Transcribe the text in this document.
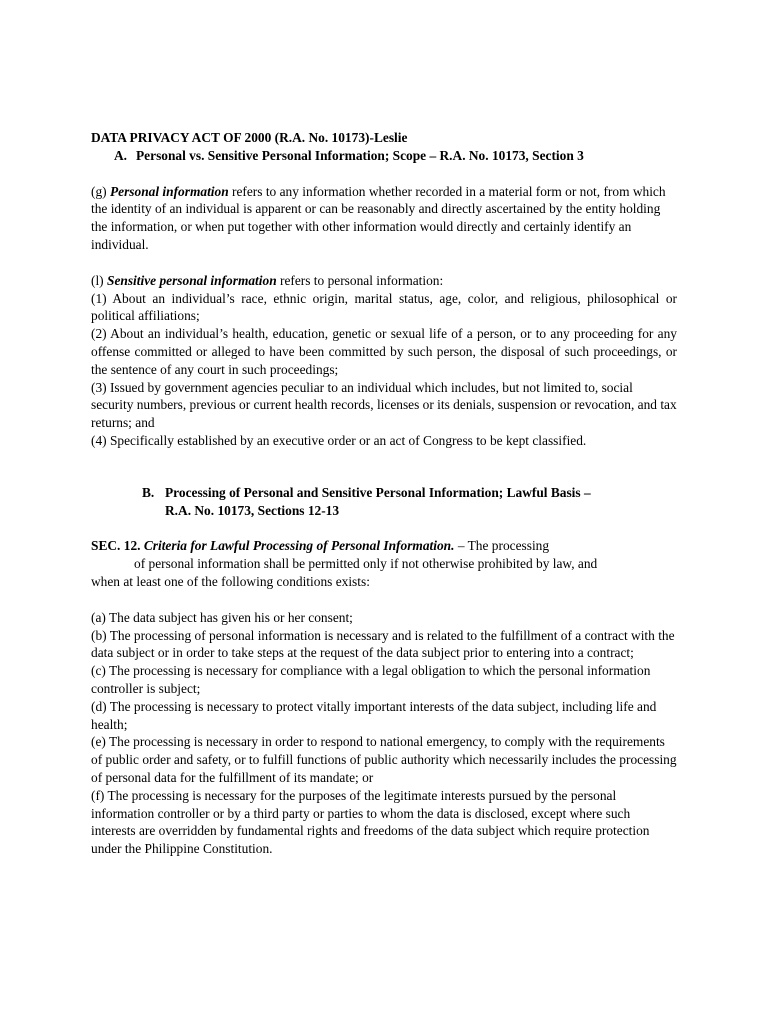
DATA PRIVACY ACT OF 2000 (R.A. No. 10173)-Leslie

A. Personal vs. Sensitive Personal Information; Scope – R.A. No. 10173, Section 3

(g) Personal information refers to any information whether recorded in a material form or not, from which the identity of an individual is apparent or can be reasonably and directly ascertained by the entity holding the information, or when put together with other information would directly and certainly identify an individual.

(l) Sensitive personal information refers to personal information:

(1) About an individual’s race, ethnic origin, marital status, age, color, and religious, philosophical or political affiliations;

(2) About an individual’s health, education, genetic or sexual life of a person, or to any proceeding for any offense committed or alleged to have been committed by such person, the disposal of such proceedings, or the sentence of any court in such proceedings;

(3) Issued by government agencies peculiar to an individual which includes, but not limited to, social security numbers, previous or current health records, licenses or its denials, suspension or revocation, and tax returns; and

(4) Specifically established by an executive order or an act of Congress to be kept classified.

B. Processing of Personal and Sensitive Personal Information; Lawful Basis –
R.A. No. 10173, Sections 12-13

SEC. 12. Criteria for Lawful Processing of Personal Information. – The processing

of personal information shall be permitted only if not otherwise prohibited by law, and

when at least one of the following conditions exists:

(a) The data subject has given his or her consent;

(b) The processing of personal information is necessary and is related to the fulfillment of a contract with the data subject or in order to take steps at the request of the data subject prior to entering into a contract;

(c) The processing is necessary for compliance with a legal obligation to which the personal information controller is subject;

(d) The processing is necessary to protect vitally important interests of the data subject, including life and health;

(e) The processing is necessary in order to respond to national emergency, to comply with the requirements of public order and safety, or to fulfill functions of public authority which necessarily includes the processing of personal data for the fulfillment of its mandate; or

(f) The processing is necessary for the purposes of the legitimate interests pursued by the personal information controller or by a third party or parties to whom the data is disclosed, except where such interests are overridden by fundamental rights and freedoms of the data subject which require protection under the Philippine Constitution.
